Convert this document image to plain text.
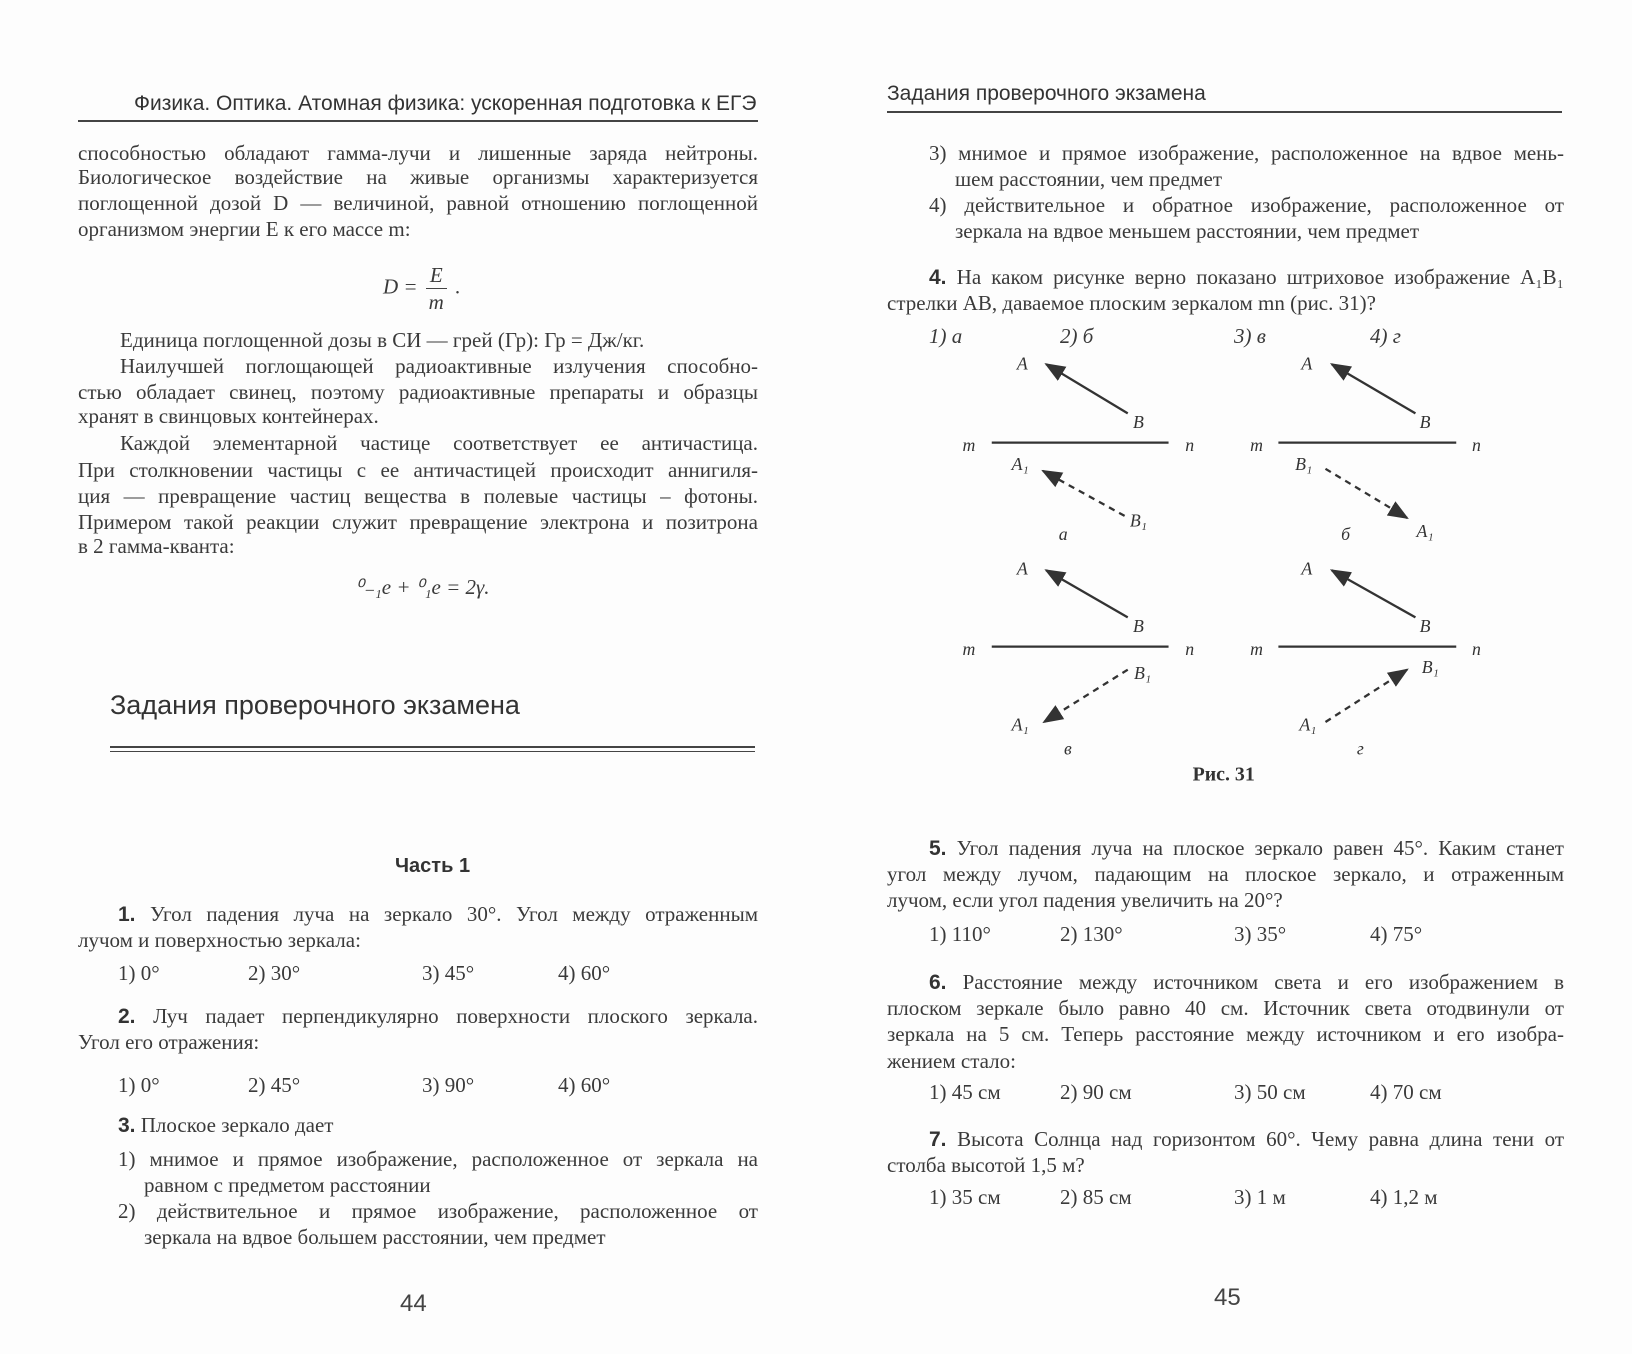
Физика. Оптика. Атомная физика: ускоренная подготовка к ЕГЭ
способностью обладают гамма-лучи и лишенные заряда нейтроны.
Биологическое воздействие на живые организмы характеризуется
поглощенной дозой D — величиной, равной отношению поглощенной
организмом энергии E к его массе m:
$D = \frac{E}{m}$ .
Единица поглощенной дозы в СИ — грей (Гр): Гр = Дж/кг.
Наилучшей поглощающей радиоактивные излучения способно-
стью обладает свинец, поэтому радиоактивные препараты и образцы
хранят в свинцовых контейнерах.
Каждой элементарной частице соответствует ее античастица.
При столкновении частицы с ее античастицей происходит аннигиля-
ция — превращение частиц вещества в полевые частицы – фотоны.
Примером такой реакции служит превращение электрона и позитрона
в 2 гамма-кванта:
⁰₋₁e + ⁰₁e = 2γ.
Задания проверочного экзамена
Часть 1
1. Угол падения луча на зеркало 30°. Угол между отраженным
лучом и поверхностью зеркала:
1) 0°	2) 30°	3) 45°	4) 60°
2. Луч падает перпендикулярно поверхности плоского зеркала.
Угол его отражения:
1) 0°	2) 45°	3) 90°	4) 60°
3. Плоское зеркало дает
1) мнимое и прямое изображение, расположенное от зеркала на
равном с предметом расстоянии
2) действительное и прямое изображение, расположенное от
зеркала на вдвое большем расстоянии, чем предмет
44
Задания проверочного экзамена
3) мнимое и прямое изображение, расположенное на вдвое мень-
шем расстоянии, чем предмет
4) действительное и обратное изображение, расположенное от
зеркала на вдвое меньшем расстоянии, чем предмет
4. На каком рисунке верно показано штриховое изображение A₁B₁
стрелки AB, даваемое плоским зеркалом mn (рис. 31)?
1) а	2) б	3) в	4) г
A
B
m	n
A₁
B₁
а
A
B
m	n
B₁
A₁
б
A
B
m	n
B₁
A₁
в
A
B
m	n
B₁
A₁
г
Рис. 31
5. Угол падения луча на плоское зеркало равен 45°. Каким станет
угол между лучом, падающим на плоское зеркало, и отраженным
лучом, если угол падения увеличить на 20°?
1) 110°	2) 130°	3) 35°	4) 75°
6. Расстояние между источником света и его изображением в
плоском зеркале было равно 40 см. Источник света отодвинули от
зеркала на 5 см. Теперь расстояние между источником и его изобра-
жением стало:
1) 45 см	2) 90 см	3) 50 см	4) 70 см
7. Высота Солнца над горизонтом 60°. Чему равна длина тени от
столба высотой 1,5 м?
1) 35 см	2) 85 см	3) 1 м	4) 1,2 м
45
